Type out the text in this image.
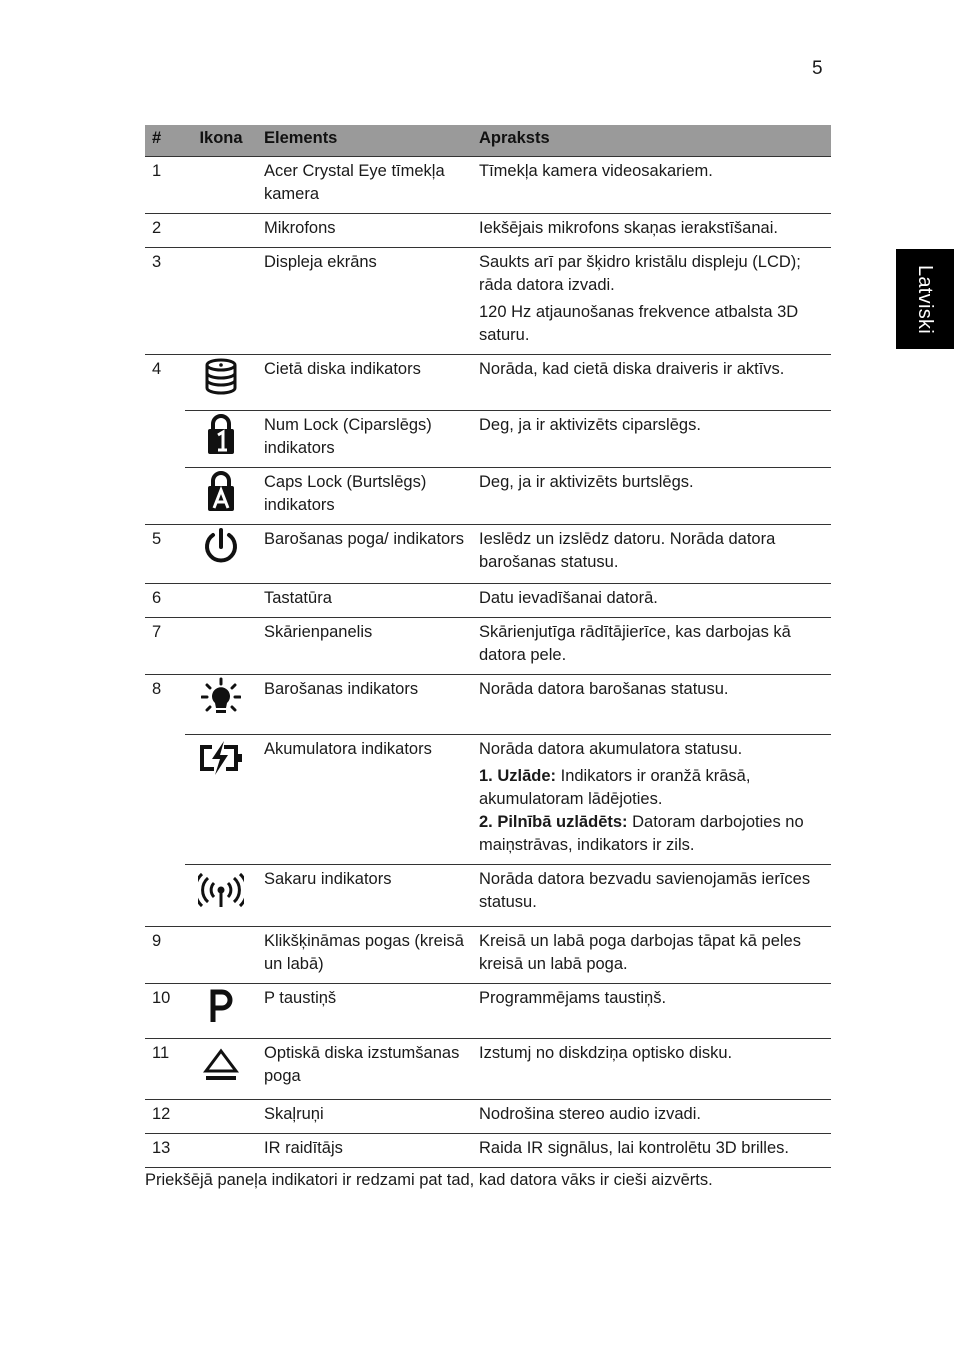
5
Latviski
#	Ikona	Elements	Apraksts
1		Acer Crystal Eye tīmekļa kamera	Tīmekļa kamera videosakariem.
2		Mikrofons	Iekšējais mikrofons skaņas ierakstīšanai.
3		Displeja ekrāns	Saukts arī par šķidro kristālu displeju (LCD); rāda datora izvadi.

120 Hz atjaunošanas frekvence atbalsta 3D saturu.

4		Cietā diska indikators	Norāda, kad cietā diska draiveris ir aktīvs.

	Num Lock (Ciparslēgs) indikators	Deg, ja ir aktivizēts ciparslēgs.

	Caps Lock (Burtslēgs) indikators	Deg, ja ir aktivizēts burtslēgs.
5		Barošanas poga/ indikators	Ieslēdz un izslēdz datoru. Norāda datora barošanas statusu.
6		Tastatūra	Datu ievadīšanai datorā.
7		Skārienpanelis	Skārienjutīga rādītājierīce, kas darbojas kā datora pele.
8		Barošanas indikators	Norāda datora barošanas statusu.

	Akumulatora indikators	Norāda datora akumulatora statusu.

1. Uzlāde: Indikators ir oranžā krāsā, akumulatoram lādējoties.

2. Pilnībā uzlādēts: Datoram darbojoties no maiņstrāvas, indikators ir zils.

	Sakaru indikators	Norāda datora bezvadu savienojamās ierīces statusu.
9		Klikšķināmas pogas (kreisā un labā)	Kreisā un labā poga darbojas tāpat kā peles kreisā un labā poga.
10		P taustiņš	Programmējams taustiņš.
11		Optiskā diska izstumšanas poga	Izstumj no diskdziņa optisko disku.
12		Skaļruņi	Nodrošina stereo audio izvadi.
13		IR raidītājs	Raida IR signālus, lai kontrolētu 3D brilles.
Priekšējā paneļa indikatori ir redzami pat tad, kad datora vāks ir cieši aizvērts.
